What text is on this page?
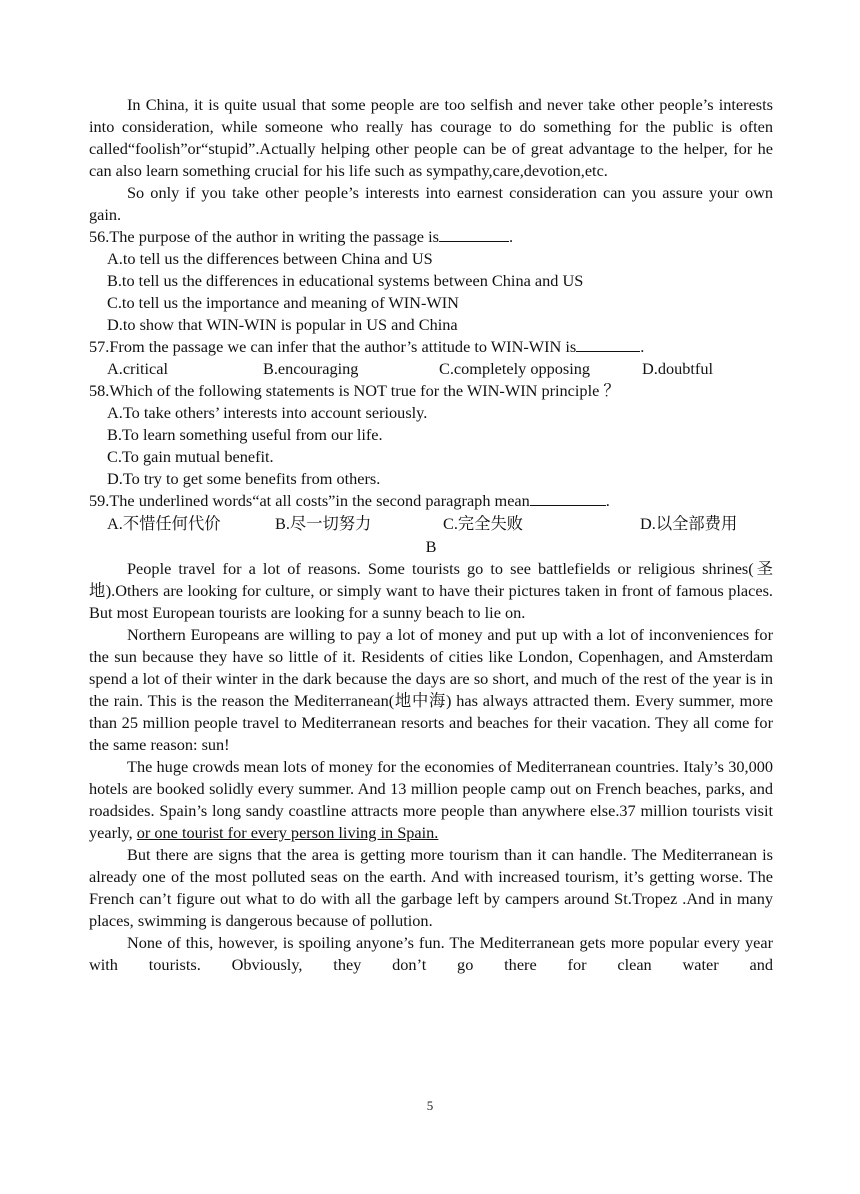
In China, it is quite usual that some people are too selfish and never take other people’s interests into consideration, while someone who really has courage to do something for the public is often called“foolish”or“stupid”.Actually helping other people can be of great advantage to the helper, for he can also learn something crucial for his life such as sympathy,care,devotion,etc.

So only if you take other people’s interests into earnest consideration can you assure your own gain.

56.The purpose of the author in writing the passage is	.

A.to tell us the differences between China and US

B.to tell us the differences in educational systems between China and US

C.to tell us the importance and meaning of WIN-WIN

D.to show that WIN-WIN is popular in US and China

57.From the passage we can infer that the author’s attitude to WIN-WIN is	.

A.critical	B.encouraging	C.completely opposing	D.doubtful

58.Which of the following statements is NOT true for the WIN-WIN principle ？

A.To take others’ interests into account seriously.

B.To learn something useful from our life.

C.To gain mutual benefit.

D.To try to get some benefits from others.

59.The underlined words“at all costs”in the second paragraph mean	.

A.不惜任何代价	B.尽一切努力	C.完全失败	D.以全部费用

B

People travel for a lot of reasons. Some tourists go to see battlefields or religious shrines(圣地).Others are looking for culture, or simply want to have their pictures taken in front of famous places. But most European tourists are looking for a sunny beach to lie on.

Northern Europeans are willing to pay a lot of money and put up with a lot of inconveniences for the sun because they have so little of it. Residents of cities like London, Copenhagen, and Amsterdam spend a lot of their winter in the dark because the days are so short, and much of the rest of the year is in the rain. This is the reason the Mediterranean(地中海) has always attracted them. Every summer, more than 25 million people travel to Mediterranean resorts and beaches for their vacation. They all come for the same reason: sun!

The huge crowds mean lots of money for the economies of Mediterranean countries. Italy’s 30,000 hotels are booked solidly every summer. And 13 million people camp out on French beaches, parks, and roadsides. Spain’s long sandy coastline attracts more people than anywhere else.37 million tourists visit yearly, or one tourist for every person living in Spain.

But there are signs that the area is getting more tourism than it can handle. The Mediterranean is already one of the most polluted seas on the earth. And with increased tourism, it’s getting worse. The French can’t figure out what to do with all the garbage left by campers around St.Tropez .And in many places, swimming is dangerous because of pollution.

None of this, however, is spoiling anyone’s fun. The Mediterranean gets more popular every year with tourists. Obviously, they don’t go there for clean water and

5
